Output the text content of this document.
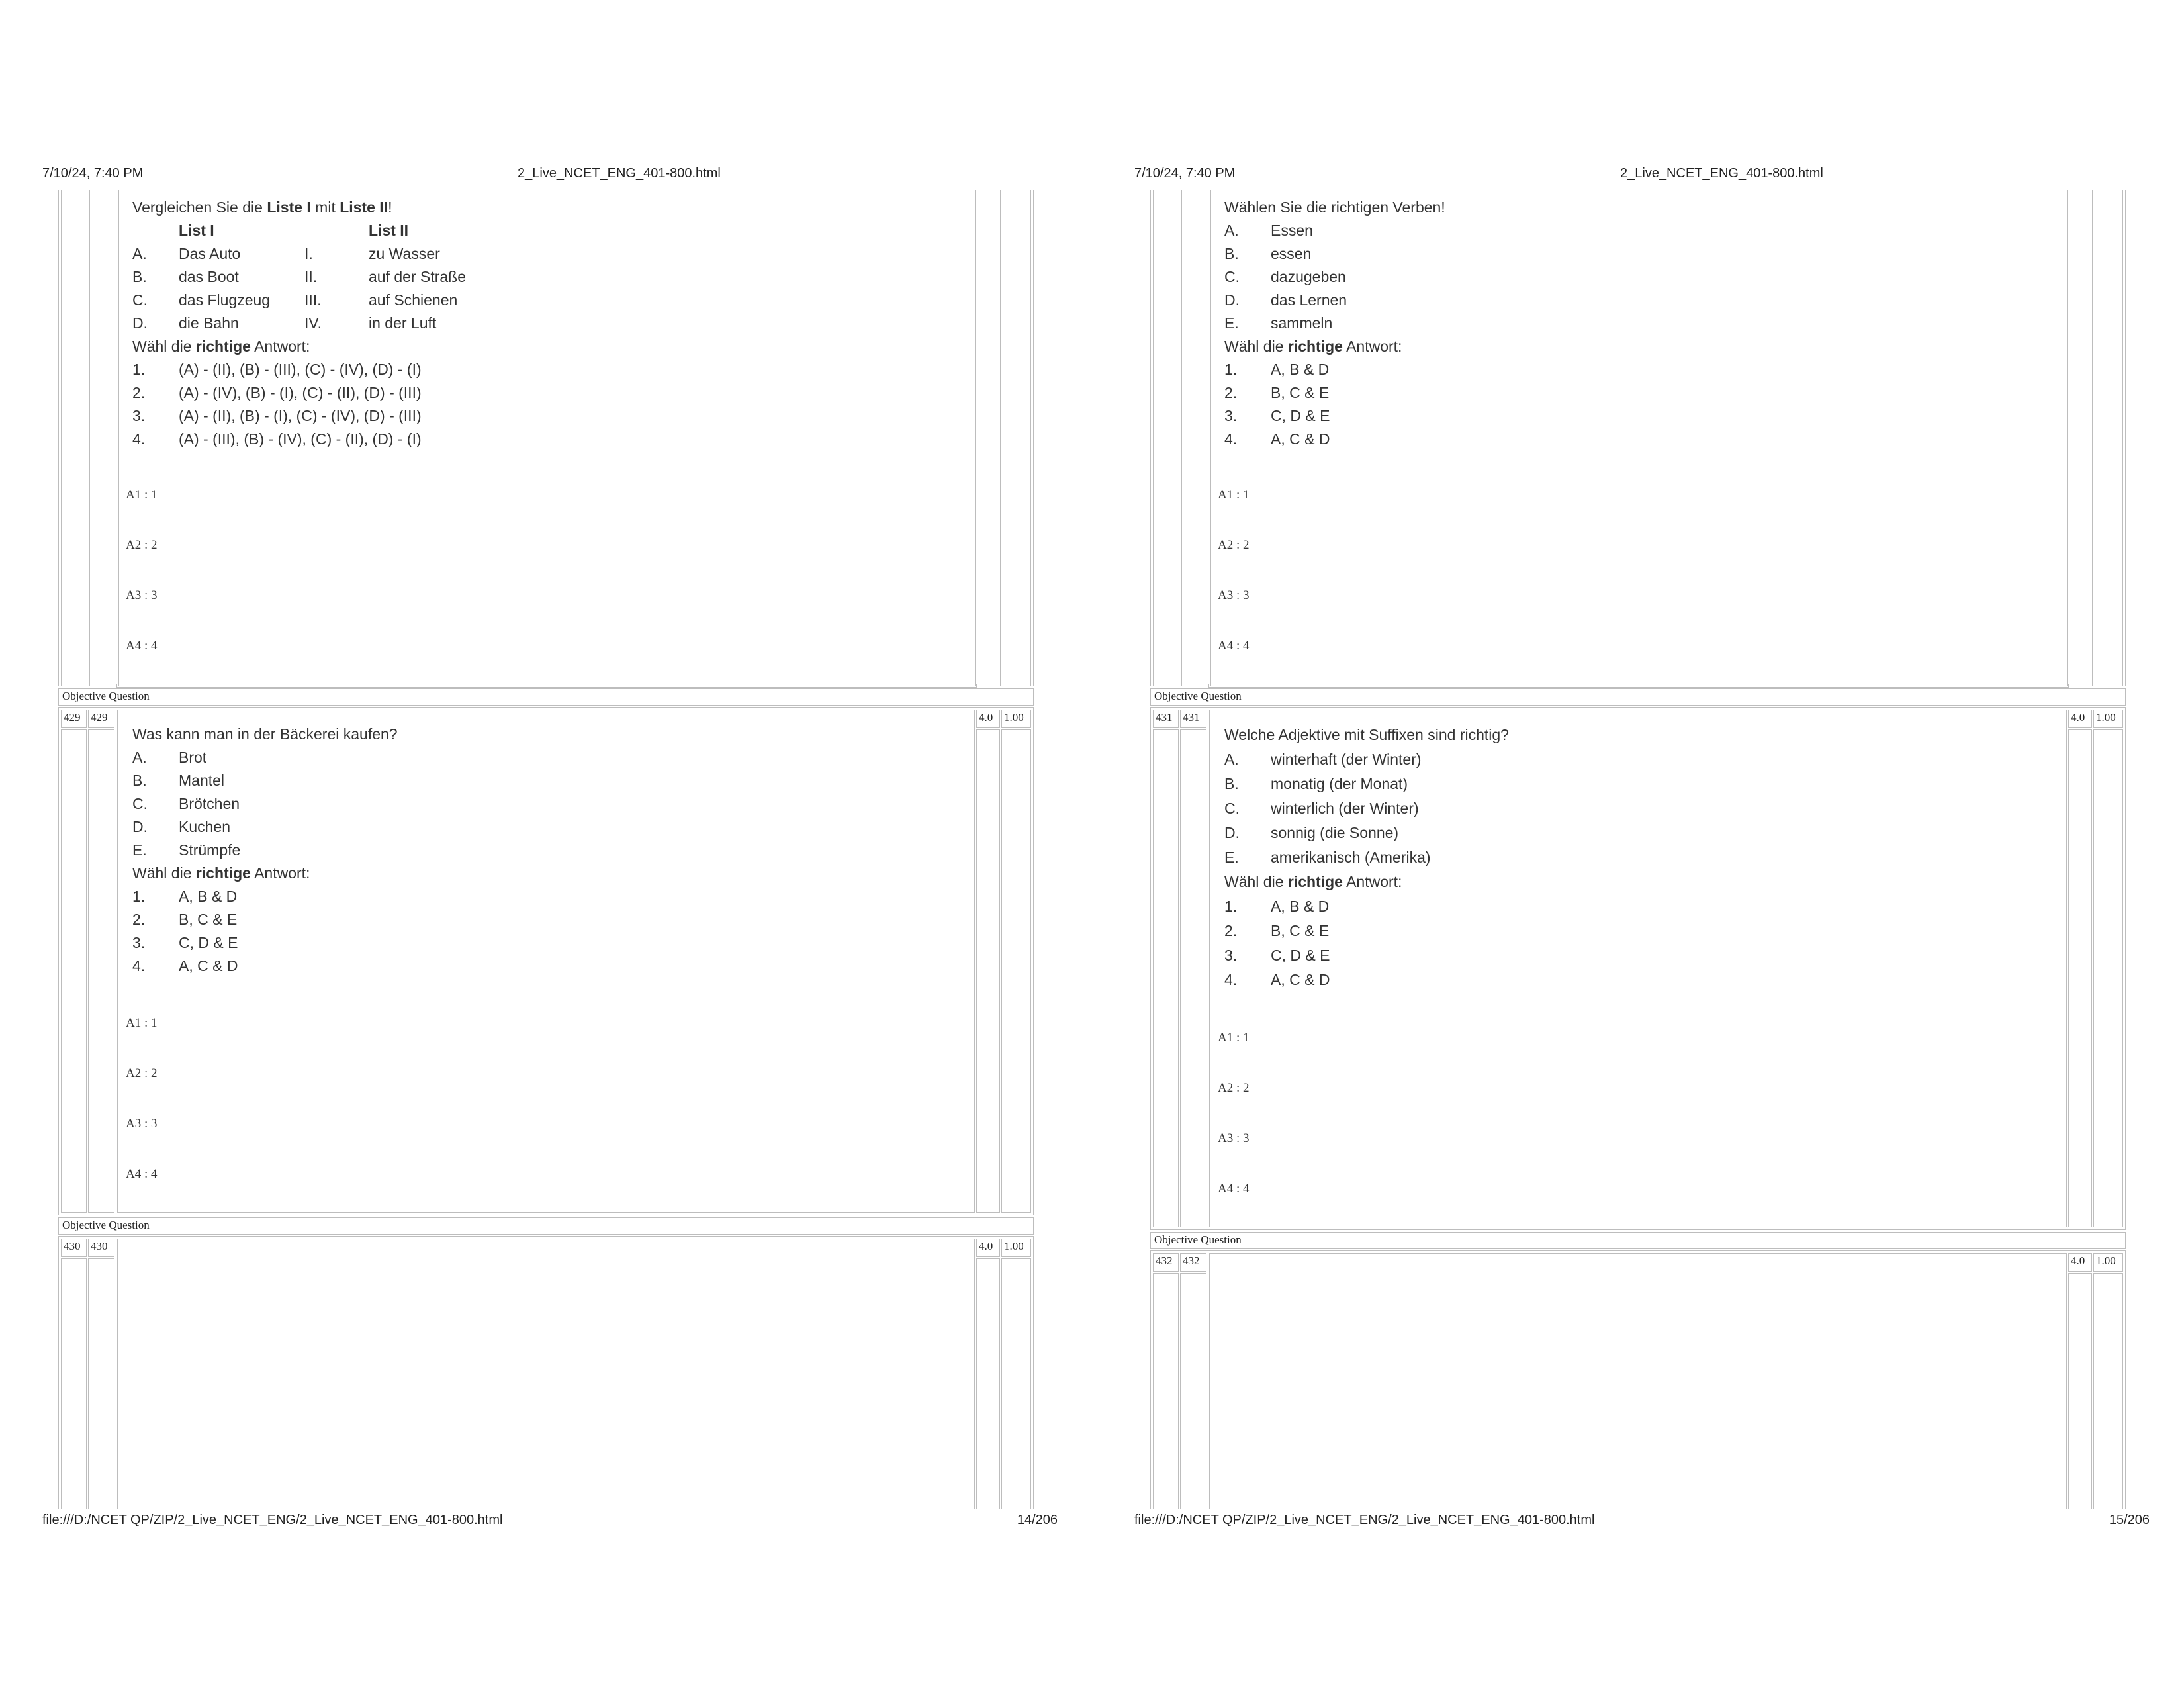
7/10/24, 7:40 PM	2_Live_NCET_ENG_401-800.html
Vergleichen Sie die Liste I mit Liste II!
List I	List II
A. Das Auto	I.	zu Wasser
B. das Boot	II.	auf der Straße
C. das Flugzeug III.	auf Schienen
D. die Bahn	IV.	in der Luft
Wähl die richtige Antwort:
1. (A) - (II), (B) - (III), (C) - (IV), (D) - (I)
2. (A) - (IV), (B) - (I), (C) - (II), (D) - (III)
3. (A) - (II), (B) - (I), (C) - (IV), (D) - (III)
4. (A) - (III), (B) - (IV), (C) - (II), (D) - (I)
A1 : 1
A2 : 2
A3 : 3
A4 : 4
Objective Question
429 429	4.0 1.00
Was kann man in der Bäckerei kaufen?
A. Brot
B. Mantel
C. Brötchen
D. Kuchen
E. Strümpfe
Wähl die richtige Antwort:
1. A, B & D
2. B, C & E
3. C, D & E
4. A, C & D
A1 : 1
A2 : 2
A3 : 3
A4 : 4
Objective Question
430 430	4.0 1.00
file:///D:/NCET QP/ZIP/2_Live_NCET_ENG/2_Live_NCET_ENG_401-800.html	14/206
7/10/24, 7:40 PM	2_Live_NCET_ENG_401-800.html
Wählen Sie die richtigen Verben!
A. Essen
B. essen
C. dazugeben
D. das Lernen
E. sammeln
Wähl die richtige Antwort:
1. A, B & D
2. B, C & E
3. C, D & E
4. A, C & D
A1 : 1
A2 : 2
A3 : 3
A4 : 4
Objective Question
431 431	4.0 1.00
Welche Adjektive mit Suffixen sind richtig?
A. winterhaft (der Winter)
B. monatig (der Monat)
C. winterlich (der Winter)
D. sonnig (die Sonne)
E. amerikanisch (Amerika)
Wähl die richtige Antwort:
1. A, B & D
2. B, C & E
3. C, D & E
4. A, C & D
A1 : 1
A2 : 2
A3 : 3
A4 : 4
Objective Question
432 432	4.0 1.00
file:///D:/NCET QP/ZIP/2_Live_NCET_ENG/2_Live_NCET_ENG_401-800.html	15/206
